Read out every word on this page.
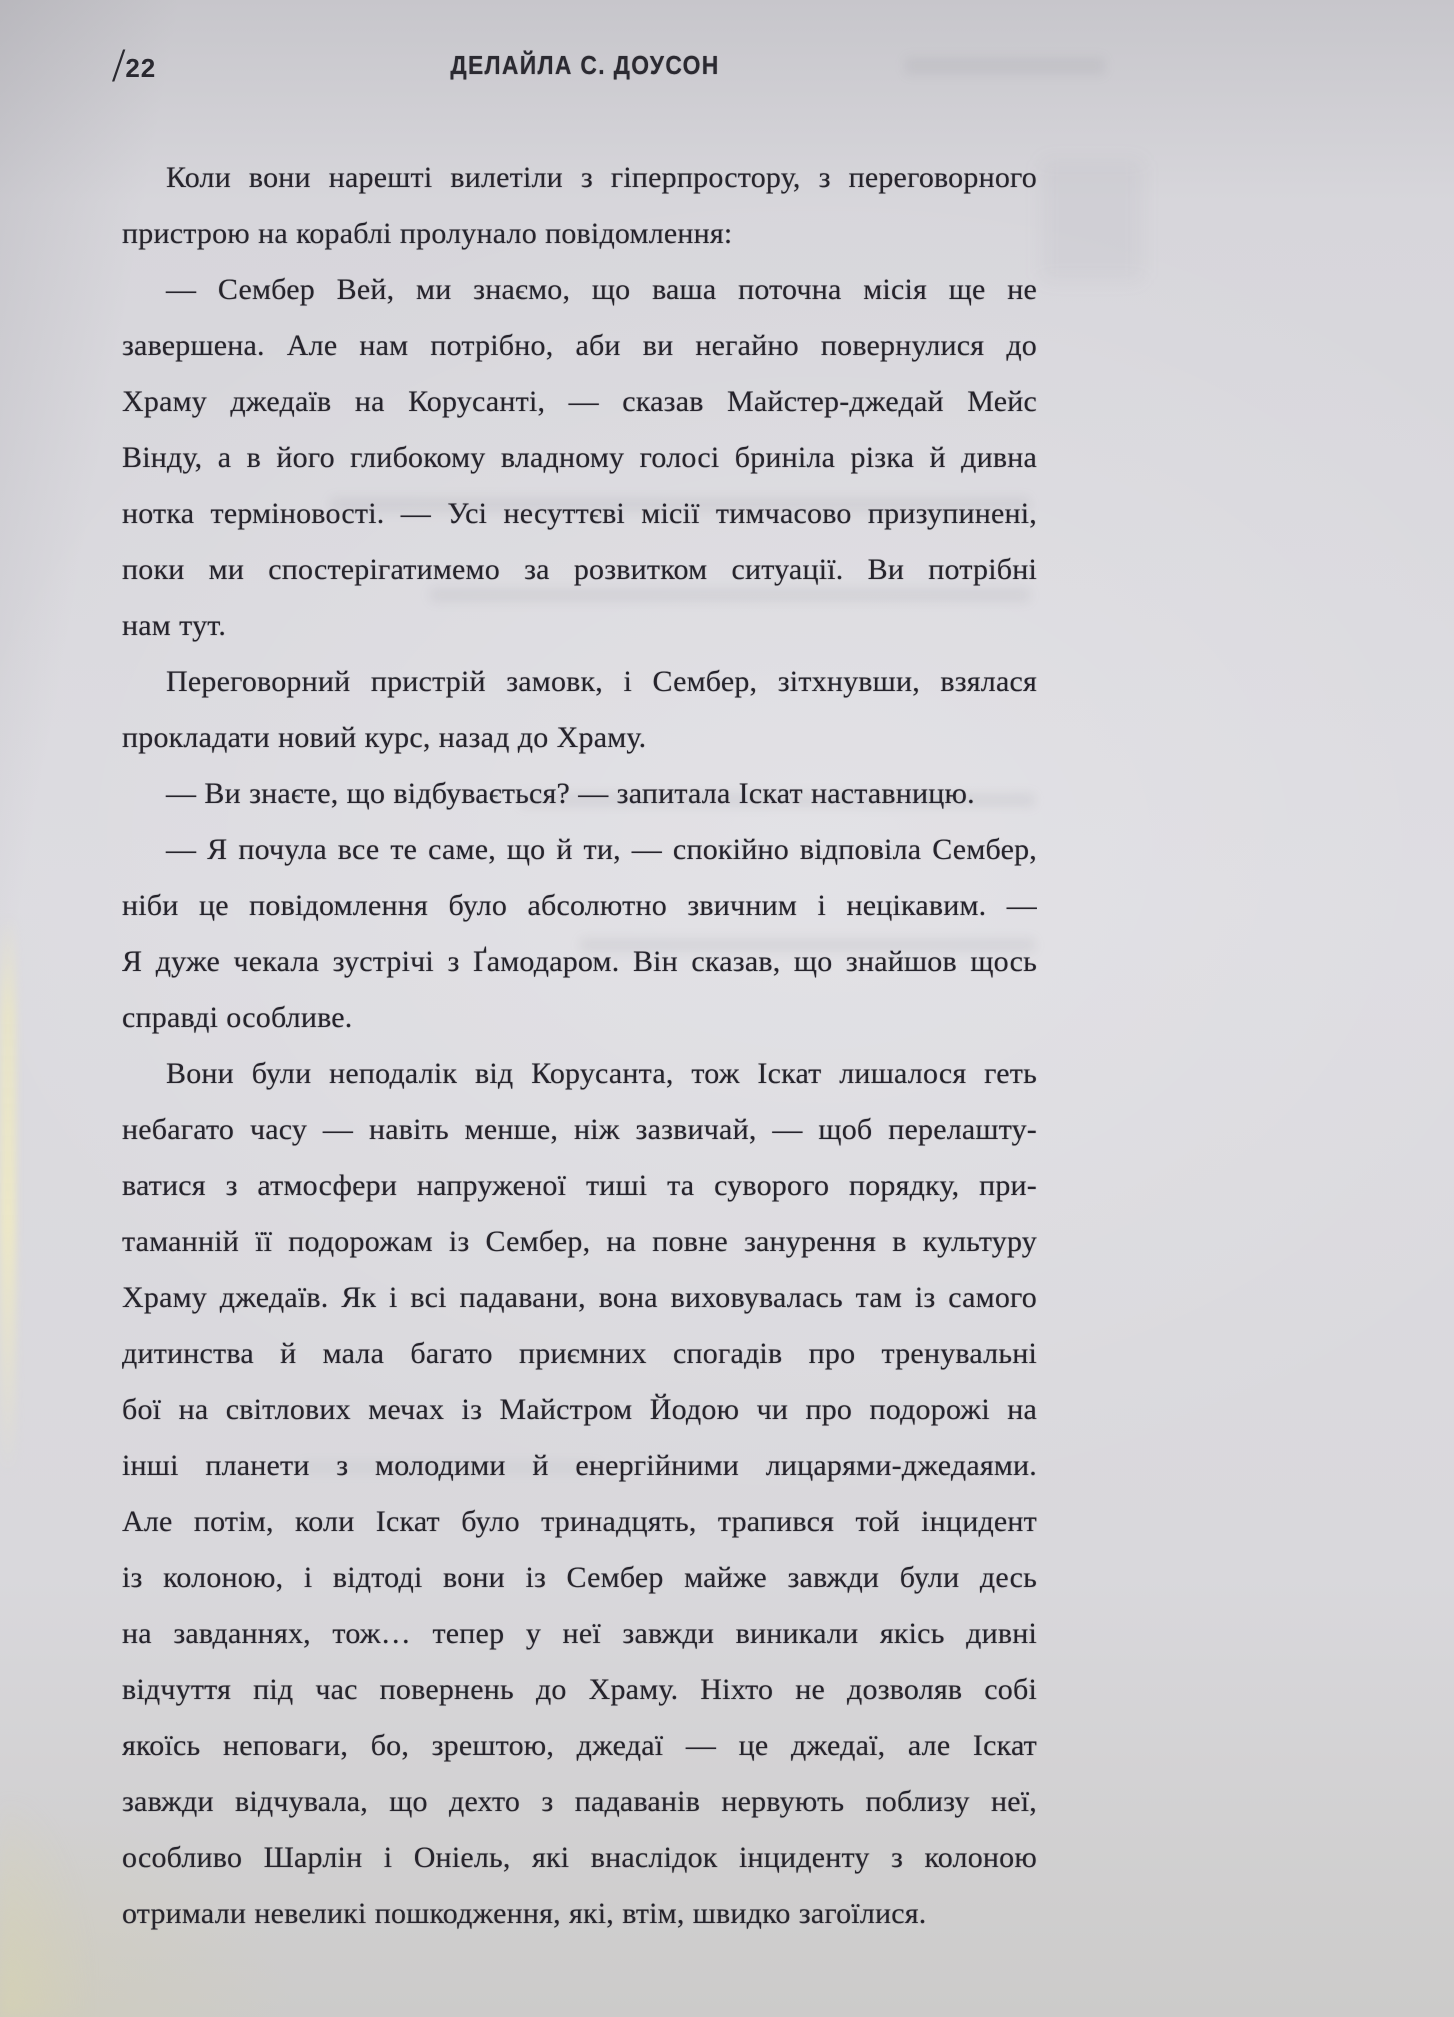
/22	ДЕЛАЙЛА С. ДОУСОН
Коли вони нарешті вилетіли з гіперпростору, з переговорного
пристрою на кораблі пролунало повідомлення:
— Сембер Вей, ми знаємо, що ваша поточна місія ще не
завершена. Але нам потрібно, аби ви негайно повернулися до
Храму джедаїв на Корусанті, — сказав Майстер-джедай Мейс
Вінду, а в його глибокому владному голосі бриніла різка й дивна
нотка терміновості. — Усі несуттєві місії тимчасово призупинені,
поки ми спостерігатимемо за розвитком ситуації. Ви потрібні
нам тут.
Переговорний пристрій замовк, і Сембер, зітхнувши, взялася
прокладати новий курс, назад до Храму.
— Ви знаєте, що відбувається? — запитала Іскат наставницю.
— Я почула все те саме, що й ти, — спокійно відповіла Сембер,
ніби це повідомлення було абсолютно звичним і нецікавим. —
Я дуже чекала зустрічі з Ґамодаром. Він сказав, що знайшов щось
справді особливе.
Вони були неподалік від Корусанта, тож Іскат лишалося геть
небагато часу — навіть менше, ніж зазвичай, — щоб перелашту-
ватися з атмосфери напруженої тиші та суворого порядку, при-
таманній її подорожам із Сембер, на повне занурення в культуру
Храму джедаїв. Як і всі падавани, вона виховувалась там із самого
дитинства й мала багато приємних спогадів про тренувальні
бої на світлових мечах із Майстром Йодою чи про подорожі на
інші планети з молодими й енергійними лицарями-джедаями.
Але потім, коли Іскат було тринадцять, трапився той інцидент
із колоною, і відтоді вони із Сембер майже завжди були десь
на завданнях, тож… тепер у неї завжди виникали якісь дивні
відчуття під час повернень до Храму. Ніхто не дозволяв собі
якоїсь неповаги, бо, зрештою, джедаї — це джедаї, але Іскат
завжди відчувала, що дехто з падаванів нервують поблизу неї,
особливо Шарлін і Оніель, які внаслідок інциденту з колоною
отримали невеликі пошкодження, які, втім, швидко загоїлися.
